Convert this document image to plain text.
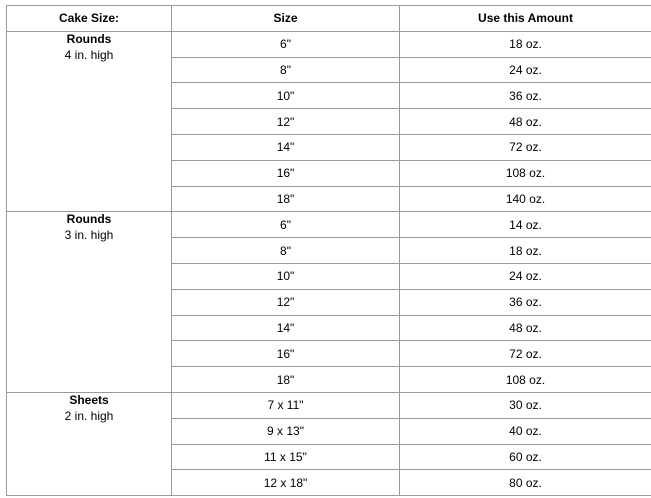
Cake Size:	Size	Use this Amount

Rounds
4 in. high	6"	18 oz.
	8"	24 oz.
	10"	36 oz.
	12"	48 oz.
	14"	72 oz.
	16"	108 oz.
	18"	140 oz.

Rounds
3 in. high	6"	14 oz.
	8"	18 oz.
	10"	24 oz.
	12"	36 oz.
	14"	48 oz.
	16"	72 oz.
	18"	108 oz.

Sheets
2 in. high	7 x 11"	30 oz.
	9 x 13"	40 oz.
	11 x 15"	60 oz.
	12 x 18"	80 oz.
